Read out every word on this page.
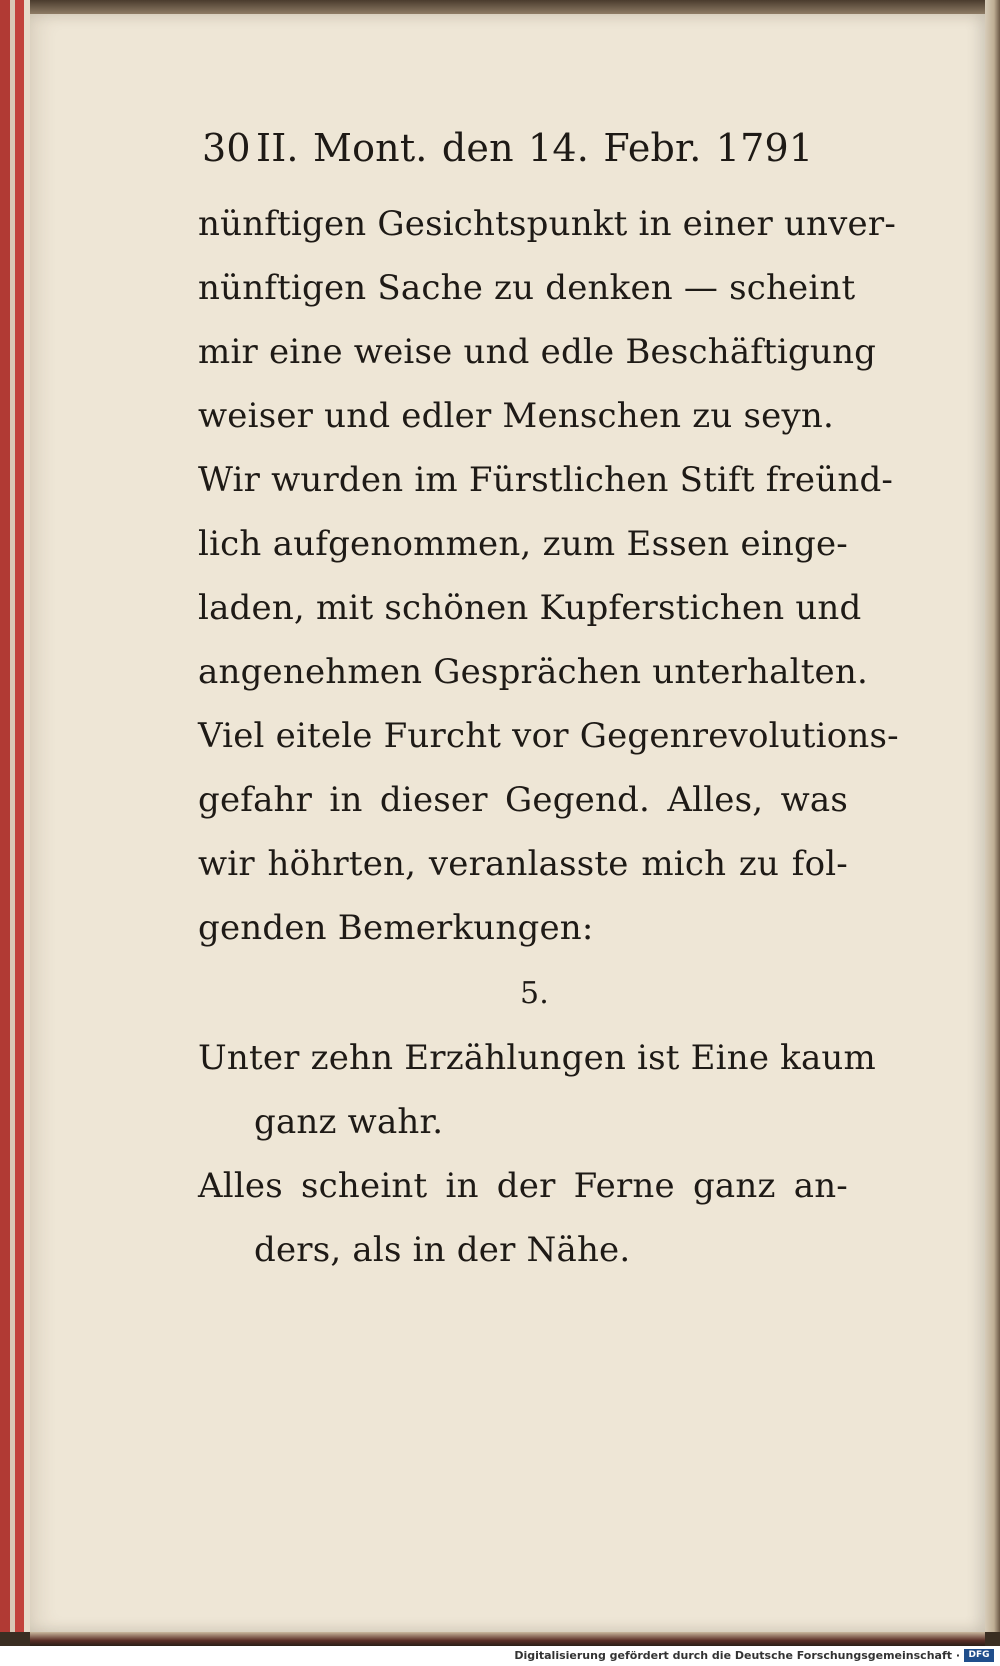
30 II. Mont. den 14. Febr. 1791
nünftigen Gesichtspunkt in einer unver-
nünftigen Sache zu denken — scheint
mir eine weise und edle Beschäftigung
weiser und edler Menschen zu seyn.
Wir wurden im Fürstlichen Stift freünd-
lich aufgenommen, zum Essen einge-
laden, mit schönen Kupferstichen und
angenehmen Gesprächen unterhalten.
Viel eitele Furcht vor Gegenrevolutions-
gefahr in dieser Gegend. Alles, was
wir höhrten, veranlasste mich zu fol-
genden Bemerkungen:
5.
Unter zehn Erzählungen ist Eine kaum
ganz wahr.
Alles scheint in der Ferne ganz an-
ders, als in der Nähe.
Digitalisierung gefördert durch die Deutsche Forschungsgemeinschaft · DFG
